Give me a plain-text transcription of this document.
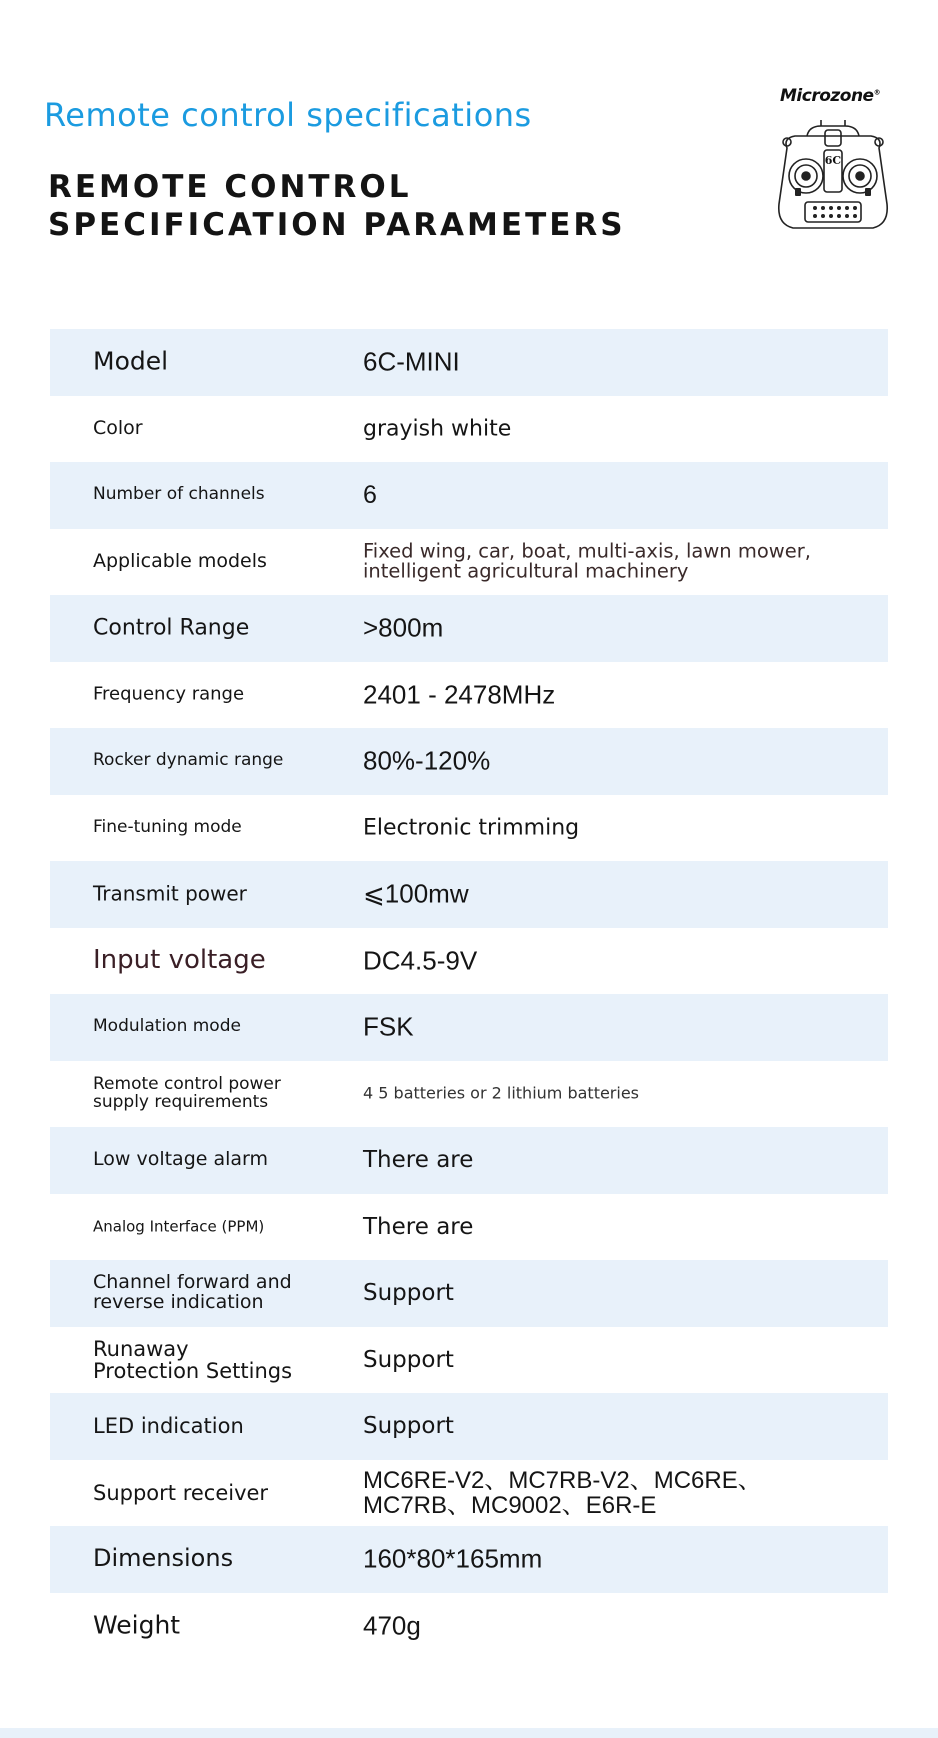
Remote control specifications
REMOTE CONTROL SPECIFICATION PARAMETERS
Microzone®
6C
Model	6C-MINI
Color	grayish white
Number of channels	6
Applicable models	Fixed wing, car, boat, multi-axis, lawn mower, intelligent agricultural machinery
Control Range	>800m
Frequency range	2401 - 2478MHz
Rocker dynamic range	80%-120%
Fine-tuning mode	Electronic trimming
Transmit power	⩽100mw
Input voltage	DC4.5-9V
Modulation mode	FSK
Remote control power supply requirements	4 5 batteries or 2 lithium batteries
Low voltage alarm	There are
Analog Interface (PPM)	There are
Channel forward and reverse indication	Support
Runaway Protection Settings	Support
LED indication	Support
Support receiver	MC6RE-V2、MC7RB-V2、MC6RE、MC7RB、MC9002、E6R-E
Dimensions	160*80*165mm
Weight	470g
